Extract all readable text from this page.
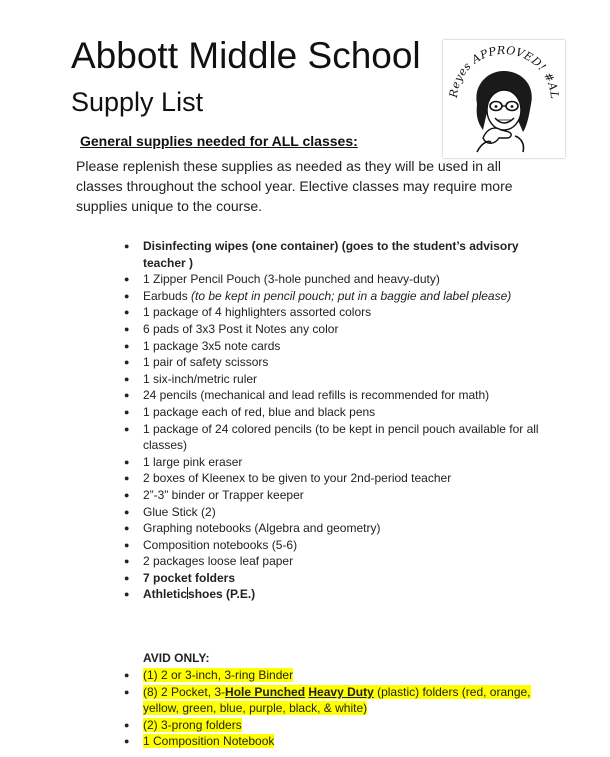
Abbott Middle School
Supply List	Reyes APPROVED! #AL
General supplies needed for ALL classes:
Please replenish these supplies as needed as they will be used in all classes throughout the school year. Elective classes may require more supplies unique to the course.
● Disinfecting wipes (one container) (goes to the student’s advisory teacher )
● 1 Zipper Pencil Pouch (3-hole punched and heavy-duty)
● Earbuds (to be kept in pencil pouch; put in a baggie and label please)
● 1 package of 4 highlighters assorted colors
● 6 pads of 3x3 Post it Notes any color
● 1 package 3x5 note cards
● 1 pair of safety scissors
● 1 six-inch/metric ruler
● 24 pencils (mechanical and lead refills is recommended for math)
● 1 package each of red, blue and black pens
● 1 package of 24 colored pencils (to be kept in pencil pouch available for all classes)
● 1 large pink eraser
● 2 boxes of Kleenex to be given to your 2nd-period teacher
● 2”-3” binder or Trapper keeper
● Glue Stick (2)
● Graphing notebooks (Algebra and geometry)
● Composition notebooks (5-6)
● 2 packages loose leaf paper
● 7 pocket folders
● Athleticshoes (P.E.)
AVID ONLY:
● (1) 2 or 3-inch, 3-ring Binder
● (8) 2 Pocket, 3-Hole Punched Heavy Duty (plastic) folders (red, orange, yellow, green, blue, purple, black, & white)
● (2) 3-prong folders
● 1 Composition Notebook
